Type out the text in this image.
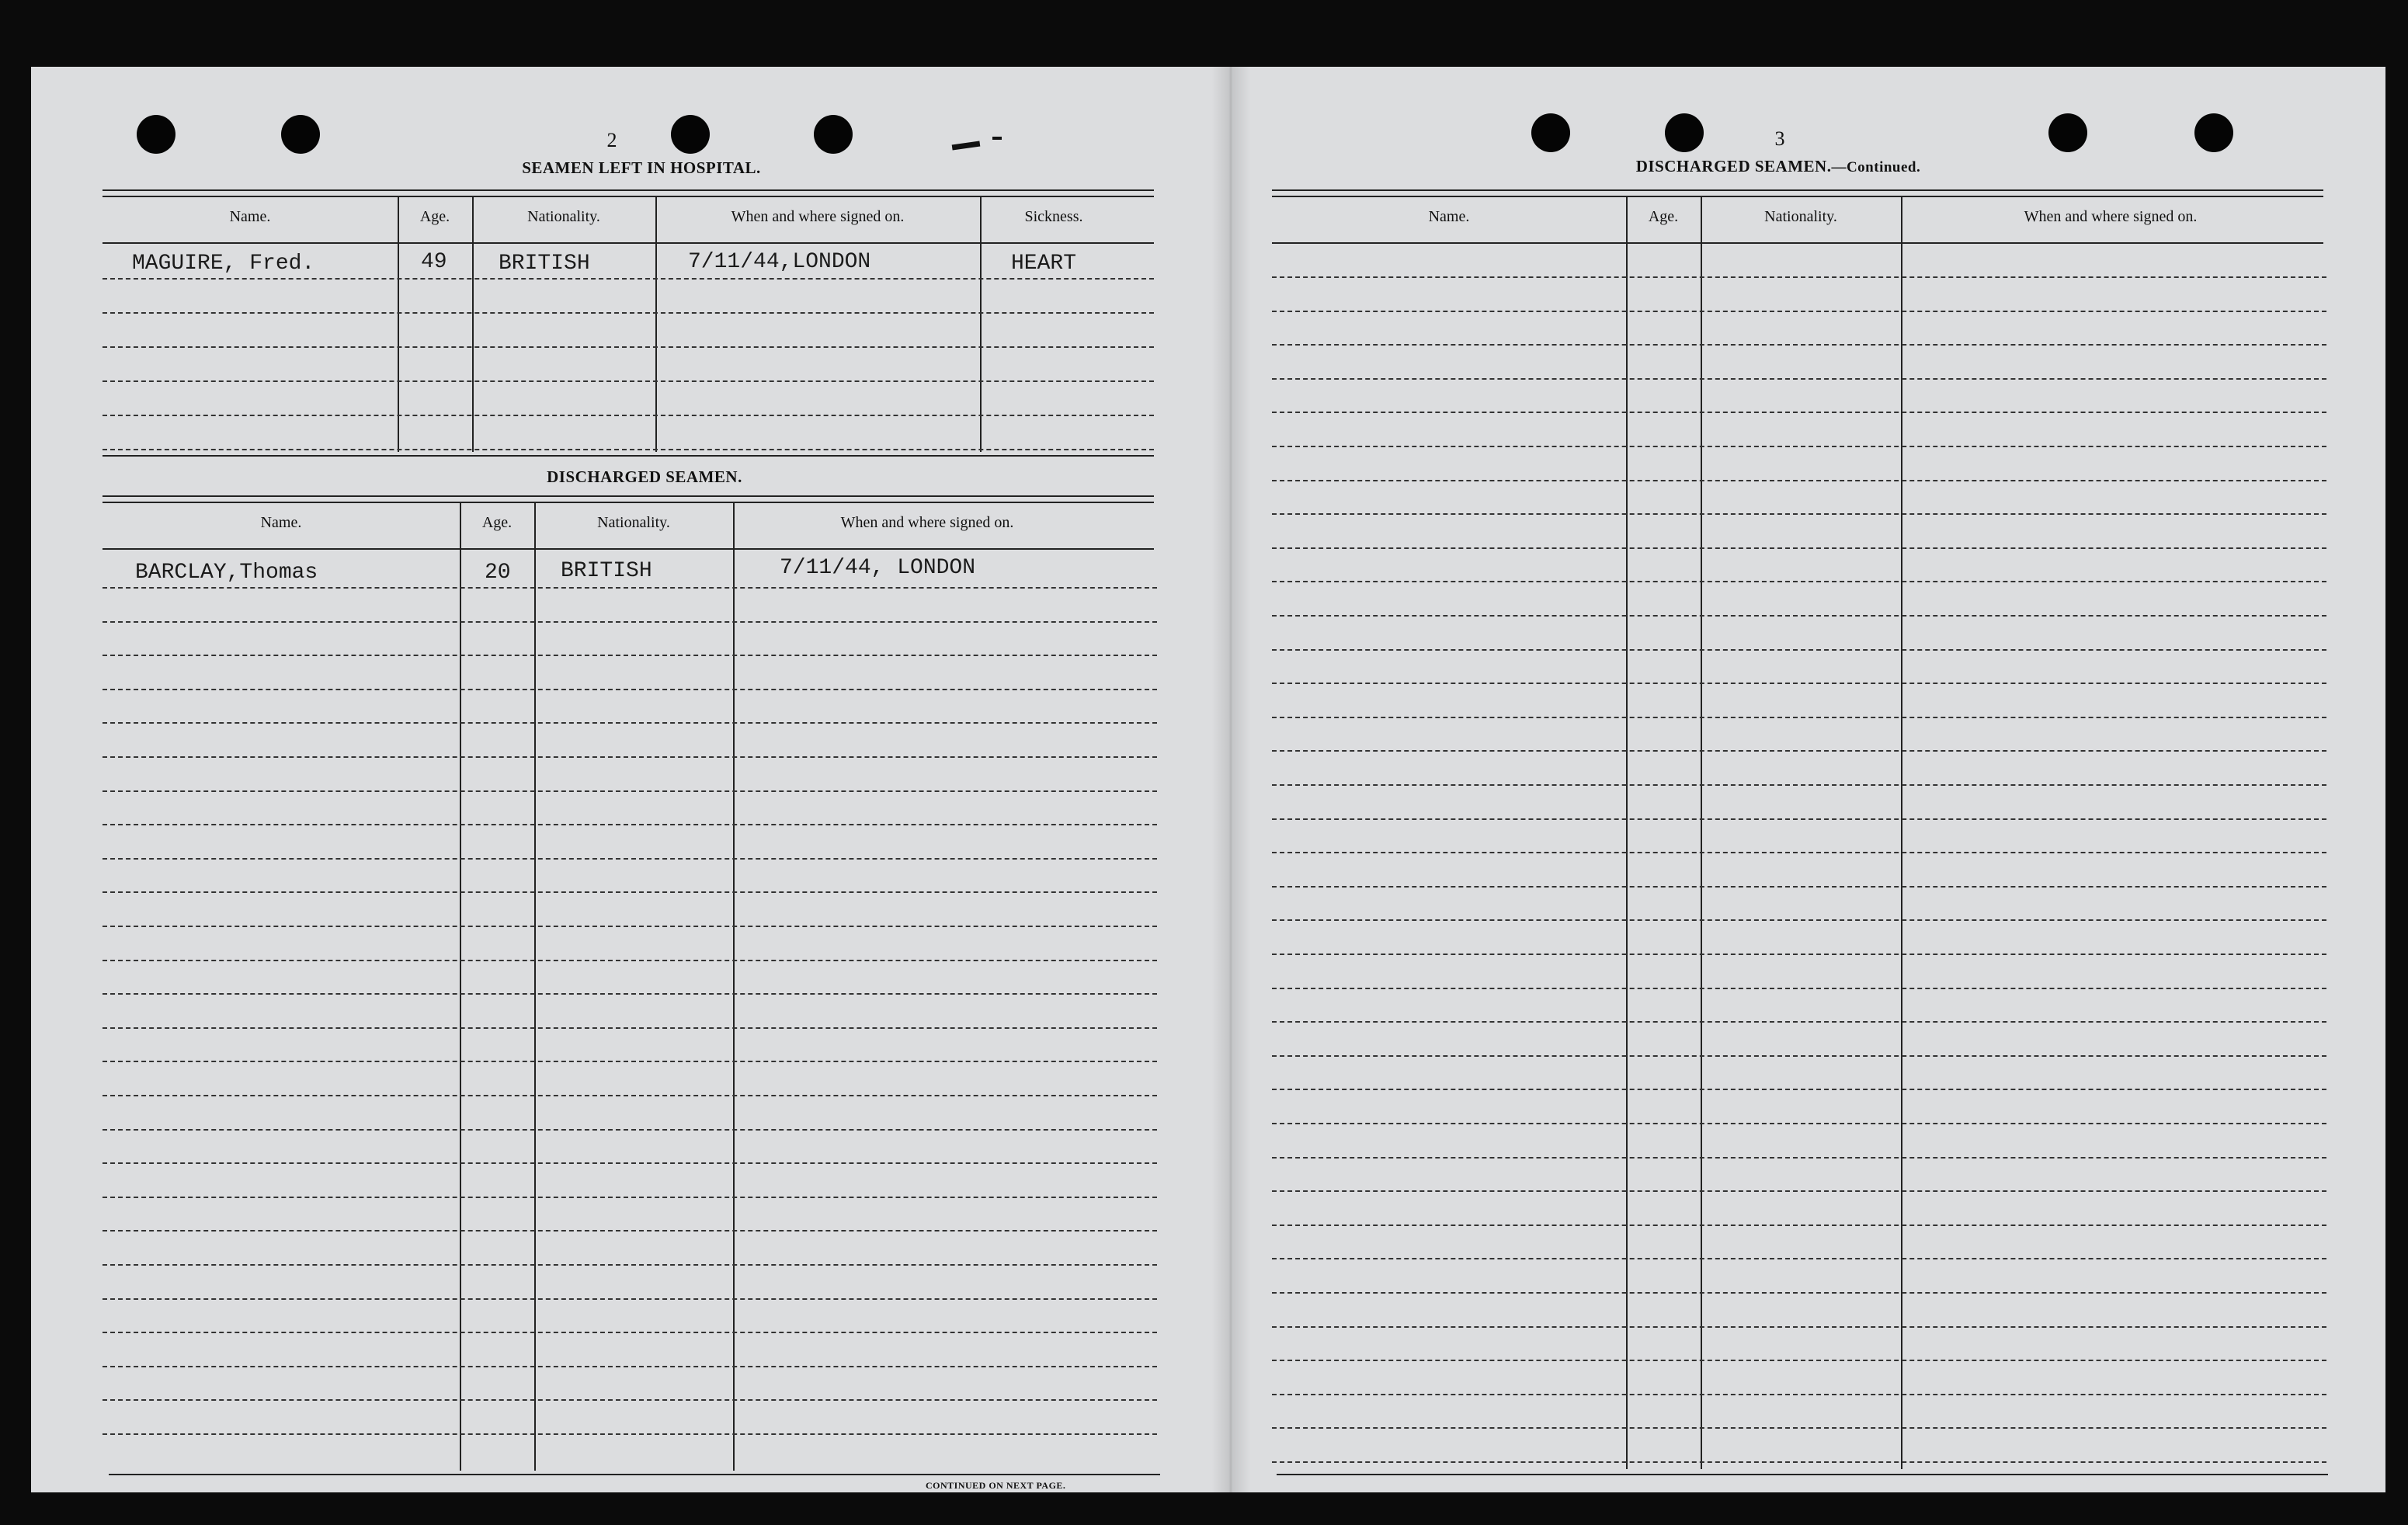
2
SEAMEN LEFT IN HOSPITAL.
Name.	Age.	Nationality.	When and where signed on.	Sickness.
MAGUIRE, Fred.	49 BRITISH	7/11/44,LONDON	HEART
DISCHARGED SEAMEN.
Name.	Age.	Nationality.	When and where signed on.
BARCLAY,Thomas	20 BRITISH	7/11/44, LONDON
CONTINUED ON NEXT PAGE.
3
DISCHARGED SEAMEN.—Continued.
Name.	Age.	Nationality.	When and where signed on.
